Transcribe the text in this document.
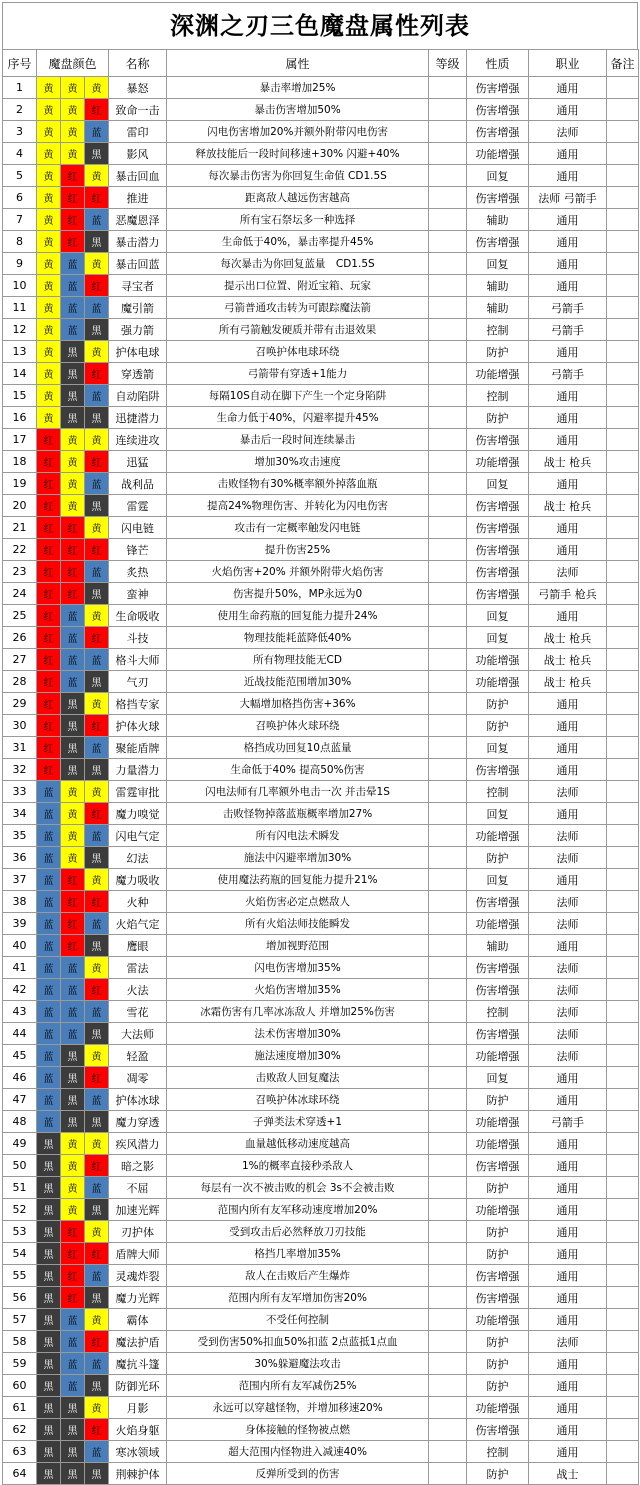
深渊之刃三色魔盘属性列表
序号	魔盘颜色			名称	属性	等级	性质	职业	备注
1	黄	黄	黄	暴怒	暴击率增加25%		伤害增强	通用	
2	黄	黄	红	致命一击	暴击伤害增加50%		伤害增强	通用	
3	黄	黄	蓝	雷印	闪电伤害增加20%并额外附带闪电伤害		伤害增强	法师	
4	黄	黄	黑	影风	释放技能后一段时间移速+30% 闪避+40%		功能增强	通用	
5	黄	红	黄	暴击回血	每次暴击伤害为你回复生命值 CD1.5S		回复	通用	
6	黄	红	红	推进	距离敌人越远伤害越高		伤害增强	法师 弓箭手	
7	黄	红	蓝	恶魔恩泽	所有宝石祭坛多一种选择		辅助	通用	
8	黄	红	黑	暴击潜力	生命低于40%，暴击率提升45%		伤害增强	通用	
9	黄	蓝	黄	暴击回蓝	每次暴击为你回复蓝量　CD1.5S		回复	通用	
10	黄	蓝	红	寻宝者	提示出口位置、附近宝箱、玩家		辅助	通用	
11	黄	蓝	蓝	魔引箭	弓箭普通攻击转为可跟踪魔法箭		辅助	弓箭手	
12	黄	蓝	黑	强力箭	所有弓箭触发硬质并带有击退效果		控制	弓箭手	
13	黄	黑	黄	护体电球	召唤护体电球环绕		防护	通用	
14	黄	黑	红	穿透箭	弓箭带有穿透+1能力		功能增强	弓箭手	
15	黄	黑	蓝	自动陷阱	每隔10S自动在脚下产生一个定身陷阱		控制	通用	
16	黄	黑	黑	迅捷潜力	生命力低于40%，闪避率提升45%		防护	通用	
17	红	黄	黄	连续进攻	暴击后一段时间连续暴击		伤害增强	通用	
18	红	黄	红	迅猛	增加30%攻击速度		功能增强	战士 枪兵	
19	红	黄	蓝	战利品	击败怪物有30%概率额外掉落血瓶		回复	通用	
20	红	黄	黑	雷霆	提高24%物理伤害、并转化为闪电伤害		伤害增强	战士 枪兵	
21	红	红	黄	闪电链	攻击有一定概率触发闪电链		伤害增强	通用	
22	红	红	红	锋芒	提升伤害25%		伤害增强	通用	
23	红	红	蓝	炙热	火焰伤害+20% 并额外附带火焰伤害		伤害增强	法师	
24	红	红	黑	蛮神	伤害提升50%，MP永远为0		伤害增强	弓箭手 枪兵	
25	红	蓝	黄	生命吸收	使用生命药瓶的回复能力提升24%		回复	通用	
26	红	蓝	红	斗技	物理技能耗蓝降低40%		回复	战士 枪兵	
27	红	蓝	蓝	格斗大师	所有物理技能无CD		功能增强	战士 枪兵	
28	红	蓝	黑	气刃	近战技能范围增加30%		功能增强	战士 枪兵	
29	红	黑	黄	格挡专家	大幅增加格挡伤害+36%		防护	通用	
30	红	黑	红	护体火球	召唤护体火球环绕		防护	通用	
31	红	黑	蓝	聚能盾牌	格挡成功回复10点蓝量		回复	通用	
32	红	黑	黑	力量潜力	生命低于40% 提高50%伤害		伤害增强	通用	
33	蓝	黄	黄	雷霆审批	闪电法师有几率额外电击一次 并击晕1S		控制	法师	
34	蓝	黄	红	魔力嗅觉	击败怪物掉落蓝瓶概率增加27%		回复	通用	
35	蓝	黄	蓝	闪电气定	所有闪电法术瞬发		功能增强	法师	
36	蓝	黄	黑	幻法	施法中闪避率增加30%		防护	法师	
37	蓝	红	黄	魔力吸收	使用魔法药瓶的回复能力提升21%		回复	通用	
38	蓝	红	红	火种	火焰伤害必定点燃敌人		伤害增强	法师	
39	蓝	红	蓝	火焰气定	所有火焰法师技能瞬发		功能增强	法师	
40	蓝	红	黑	鹰眼	增加视野范围		辅助	通用	
41	蓝	蓝	黄	雷法	闪电伤害增加35%		伤害增强	法师	
42	蓝	蓝	红	火法	火焰伤害增加35%		伤害增强	法师	
43	蓝	蓝	蓝	雪花	冰霜伤害有几率冰冻敌人 并增加25%伤害		控制	法师	
44	蓝	蓝	黑	大法师	法术伤害增加30%		伤害增强	法师	
45	蓝	黑	黄	轻盈	施法速度增加30%		功能增强	法师	
46	蓝	黑	红	凋零	击败敌人回复魔法		回复	通用	
47	蓝	黑	蓝	护体冰球	召唤护体冰球环绕		防护	通用	
48	蓝	黑	黑	魔力穿透	子弹类法术穿透+1		功能增强	弓箭手	
49	黑	黄	黄	疾风潜力	血量越低移动速度越高		功能增强	通用	
50	黑	黄	红	暗之影	1%的概率直接秒杀敌人		伤害增强	通用	
51	黑	黄	蓝	不屈	每层有一次不被击败的机会 3s不会被击败		防护	通用	
52	黑	黄	黑	加速光辉	范围内所有友军移动速度增加20%		功能增强	通用	
53	黑	红	黄	刃护体	受到攻击后必然释放刀刃技能		防护	通用	
54	黑	红	红	盾牌大师	格挡几率增加35%		防护	通用	
55	黑	红	蓝	灵魂炸裂	敌人在击败后产生爆炸		伤害增强	通用	
56	黑	红	黑	魔力光辉	范围内所有友军增加伤害20%		伤害增强	通用	
57	黑	蓝	黄	霸体	不受任何控制		功能增强	通用	
58	黑	蓝	红	魔法护盾	受到伤害50%扣血50%扣蓝 2点蓝抵1点血		防护	法师	
59	黑	蓝	蓝	魔抗斗篷	30%躲避魔法攻击		防护	通用	
60	黑	蓝	黑	防御光环	范围内所有友军减伤25%		防护	通用	
61	黑	黑	黄	月影	永远可以穿越怪物，并增加移速20%		功能增强	通用	
62	黑	黑	红	火焰身躯	身体接触的怪物被点燃		伤害增强	通用	
63	黑	黑	蓝	寒冰领域	超大范围内怪物进入减速40%		控制	通用	
64	黑	黑	黑	荆棘护体	反弹所受到的伤害		防护	战士	
